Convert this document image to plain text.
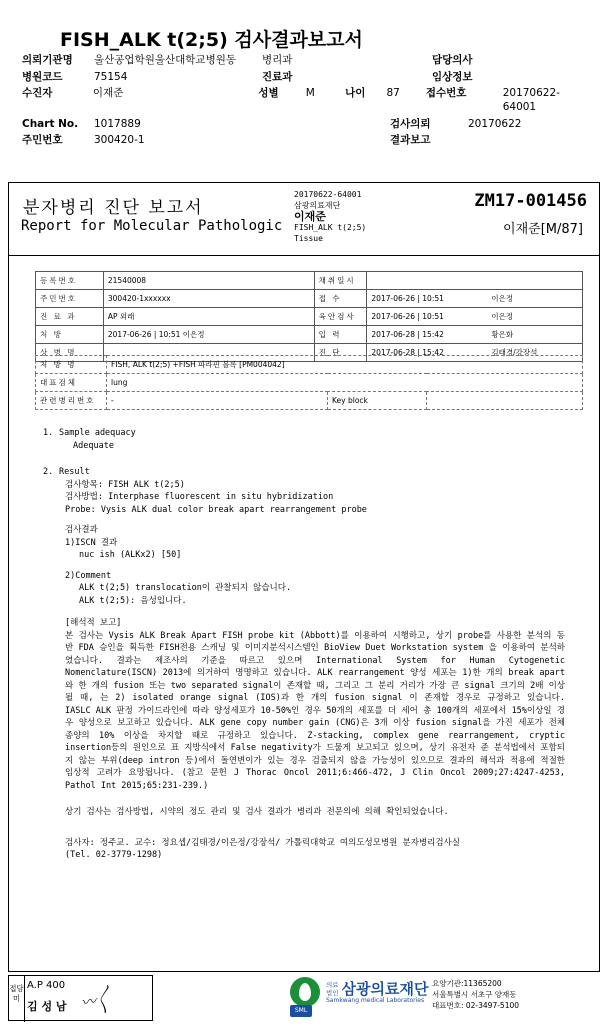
FISH_ALK t(2;5) 검사결과보고서
의뢰기관명	울산공업학원울산대학교병원동	병리과	담당의사
병원코드	75154	진료과	임상정보
수진자	이재준	성별	M	나이	87	접수번호	20170622-64001
Chart No.	1017889	검사의뢰	20170622
주민번호	300420-1	결과보고
분자병리 진단 보고서
Report for Molecular Pathologic
20170622-64001
삼광의료재단
이재준
FISH_ALK t(2;5)
Tissue
ZM17-001456
이재준[M/87]
등록번호	21540008	채취일시	
주민번호	300420-1xxxxxx	접 수	2017-06-26 | 10:51 이은정
진 료 과	AP 외래	육안검사	2017-06-26 | 10:51 이은정
처 방	2017-06-26 | 10:51 이은정	입 력	2017-06-28 | 15:42 황은화
상 병 명		진 단	2017-06-28 | 15:42 김태경/강장석
처 방 명	FISH, ALK t(2;5) +FISH 파라핀 블록 [PM004042]		
대표검체	lung		
관련병리번호	-	Key block	
1. Sample adequacy
Adequate
2. Result
검사항목: FISH ALK t(2;5)
검사방법: Interphase fluorescent in situ hybridization
Probe: Vysis ALK dual color break apart rearrangement probe
검사결과
1)ISCN 결과
nuc ish (ALKx2) [50]
2)Comment
ALK t(2;5) translocation이 관찰되지 않습니다.
ALK t(2;5): 음성입니다.
[해석적 보고]
본 검사는 Vysis ALK Break Apart FISH probe kit (Abbott)를 이용하여 시행하고, 상기 probe를 사용한 분석의 동반 FDA 승인을 획득한 FISH전용 스캐닝 및 이미지분석시스템인 BioView Duet Workstation system 을 이용하여 분석하였습니다. 결과는 제조사의 기준을 따르고 있으며 International System for Human Cytogenetic Nomenclature(ISCN) 2013에 의거하여 명명하고 있습니다. ALK rearrangement 양성 세포는 1)한 개의 break apart와 한 개의 fusion 또는 two separated signal이 존재할 때, 그리고 그 분리 거리가 가장 큰 signal 크기의 2배 이상 될 때, 는 2) isolated orange signal (IOS)과 한 개의 fusion signal 이 존재할 경우로 규정하고 있습니다. IASLC ALK 판정 가이드라인에 따라 양성세포가 10-50%인 경우 50개의 세포를 더 세어 총 100개의 세포에서 15%이상일 경우 양성으로 보고하고 있습니다. ALK gene copy number gain (CNG)은 3개 이상 fusion signal을 가진 세포가 전체 종양의 10% 이상을 차지할 때로 규정하고 있습니다. Z-stacking, complex gene rearrangement, cryptic insertion등의 원인으로 표 지방식에서 False negativity가 드물게 보고되고 있으며, 상기 유전자 준 분석법에서 포함되지 않는 부위(deep intron 등)에서 돌연변이가 있는 경우 검출되지 않을 가능성이 있으므로 결과의 해석과 적용에 적절한 임상적 고려가 요망됩니다. (참고 문헌 J Thorac Oncol 2011;6:466-472, J Clin Oncol 2009;27:4247-4253, Pathol Int 2015;65:231-239.)
상기 검사는 검사방법, 시약의 정도 관리 및 검사 결과가 병리과 전문의에 의해 확인되었습니다.
검사자: 정주교. 교수: 정요셉/김태경/이은정/강장석/ 가톨릭대학교 여의도성모병원 분자병리검사실
(Tel. 02-3779-1298)
접담미
A.P 400
김 성 남 〰〱
의료
법인 삼광의료재단
Samkwang medical Laboratories
SML
요양기관:11365200
서울특별시 서초구 양재동
대표번호: 02-3497-5100
